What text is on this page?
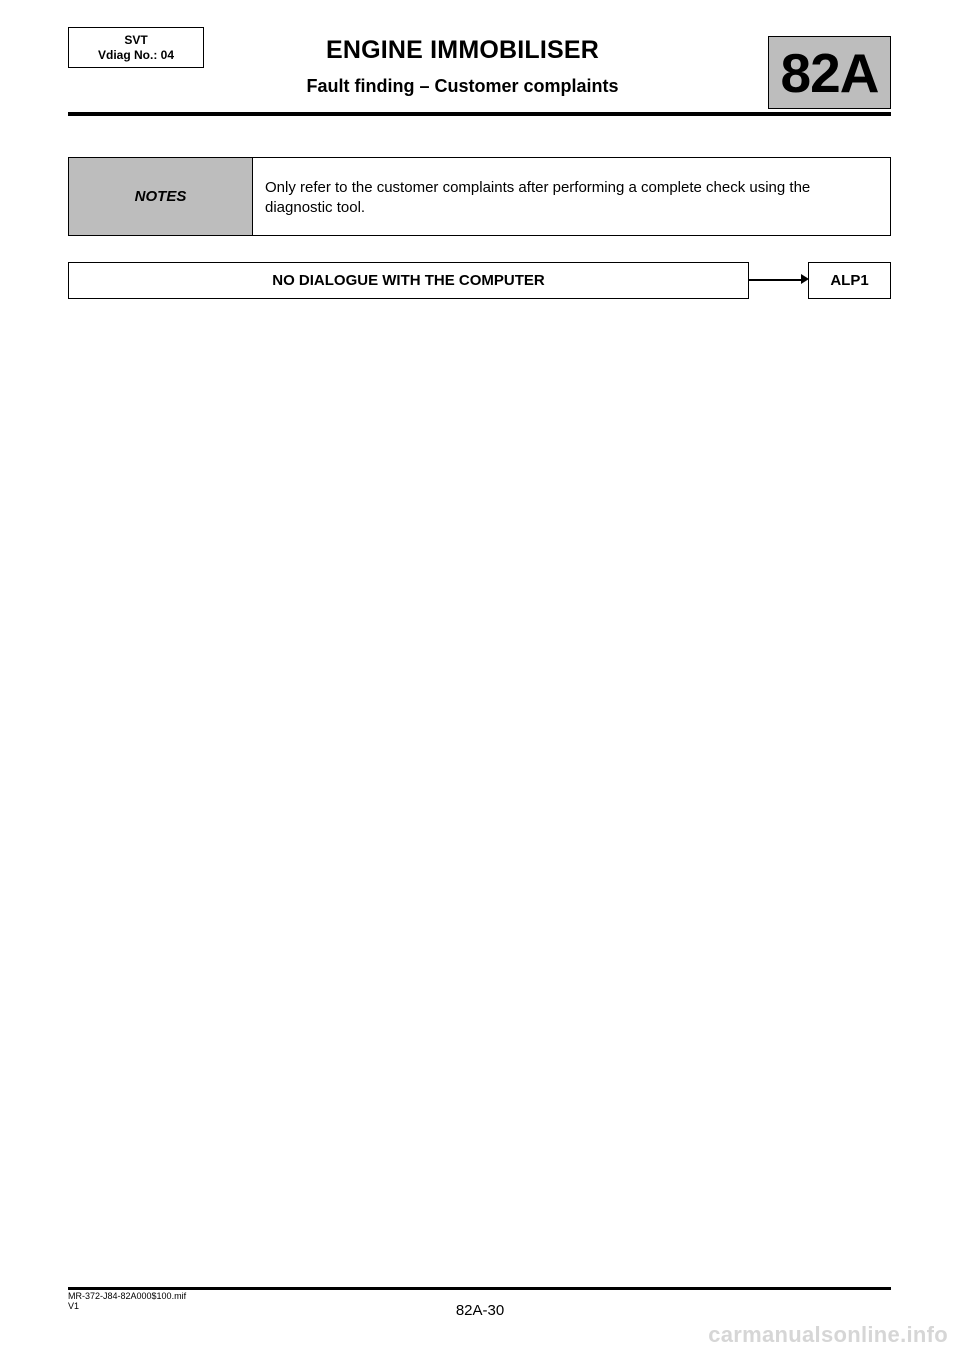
SVT
Vdiag No.: 04	ENGINE IMMOBILISER
Fault finding – Customer complaints	82A
NOTES
Only refer to the customer complaints after performing a complete check using the diagnostic tool.
NO DIALOGUE WITH THE COMPUTER	ALP1
MR-372-J84-82A000$100.mif
V1	82A-30
carmanualsonline.info
